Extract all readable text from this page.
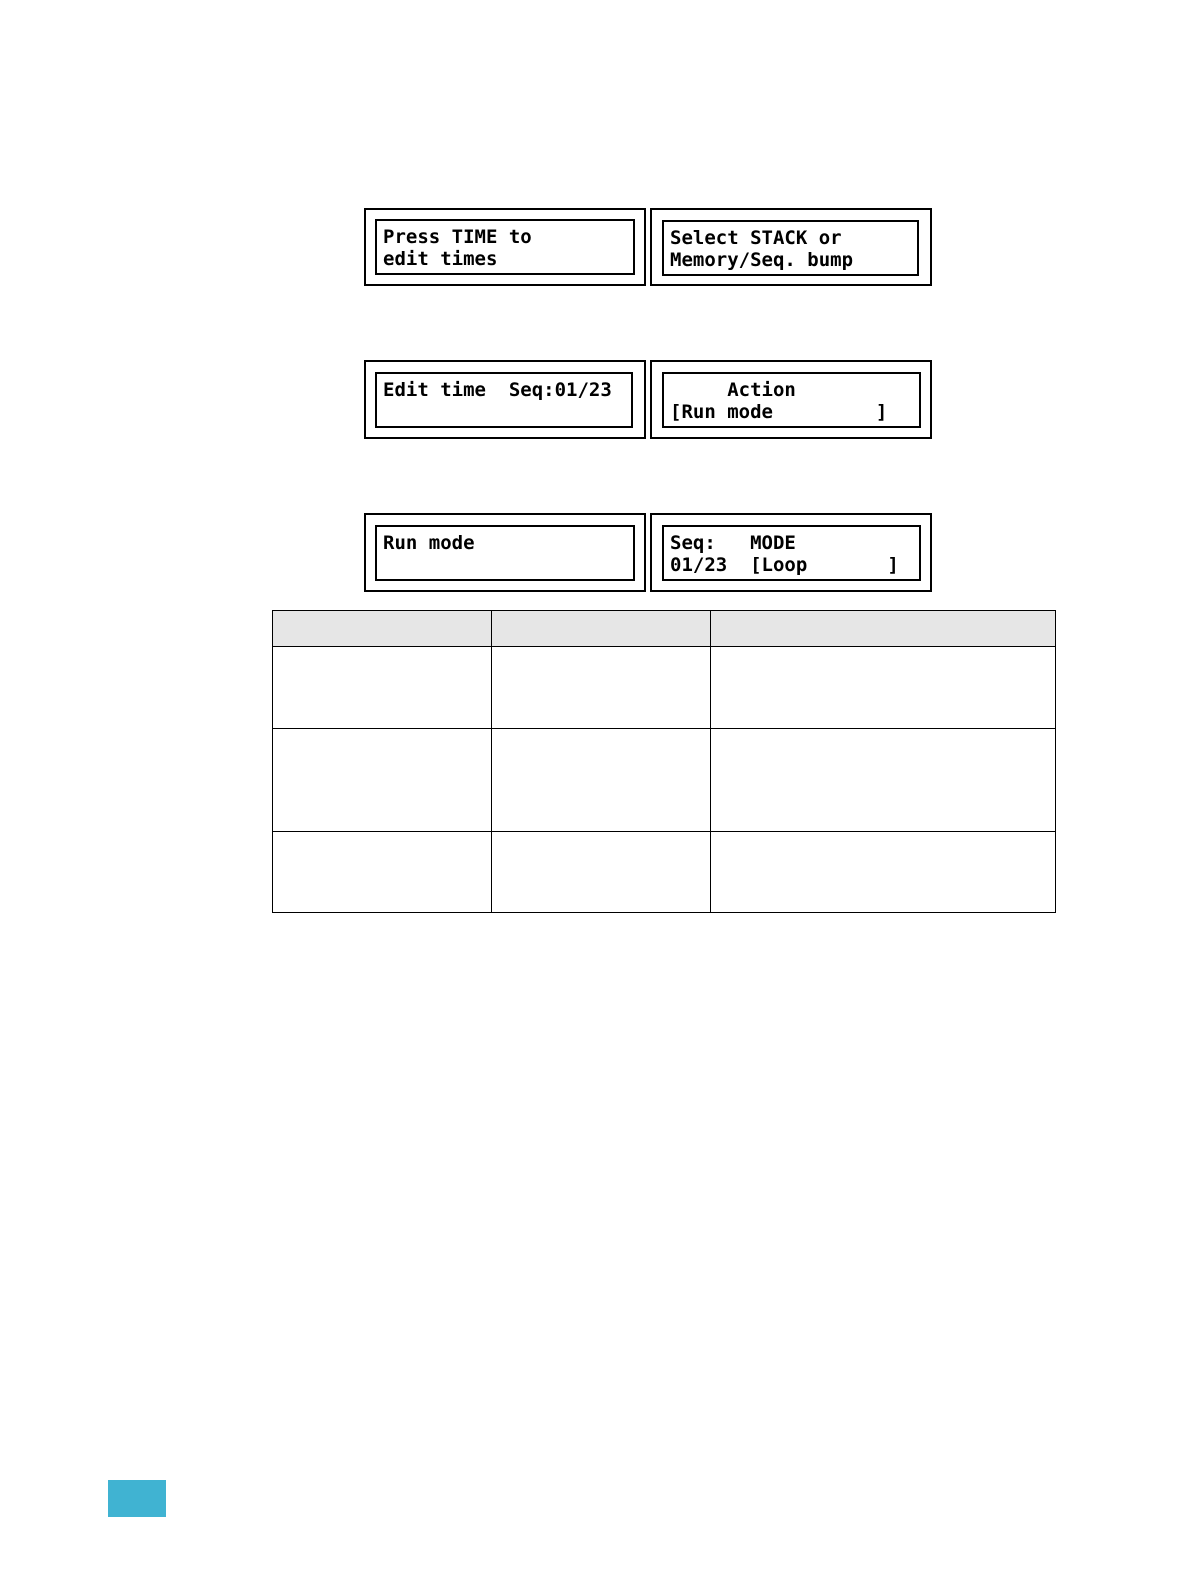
Press TIME to
edit times
Select STACK or
Memory/Seq. bump
Edit time  Seq:01/23	Action
[Run mode         ]
Run mode	Seq:   MODE
01/23  [Loop       ]
